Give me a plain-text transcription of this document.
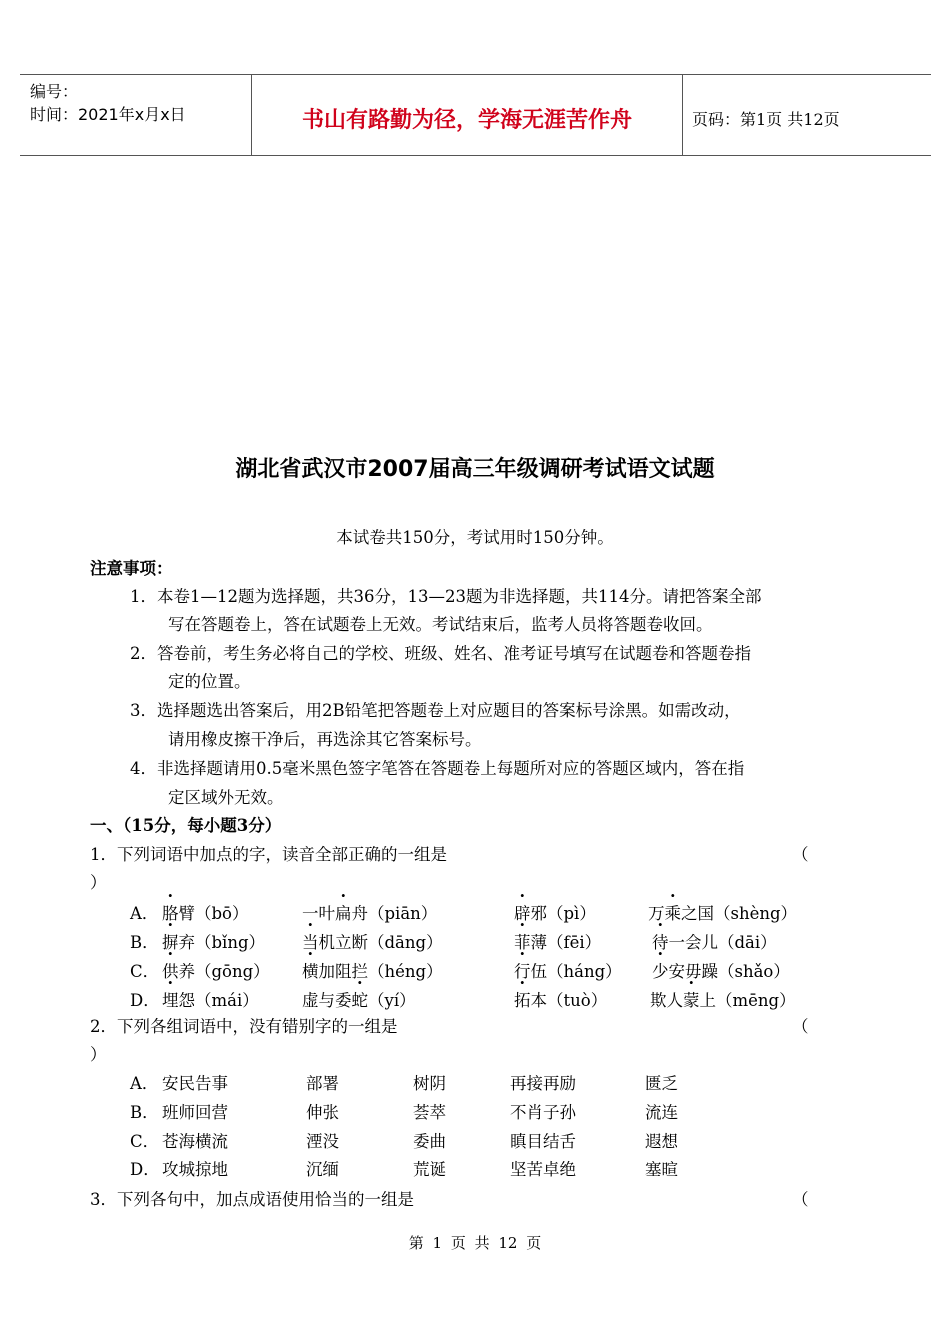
编号：
时间：2021年x月x日	书山有路勤为径，学海无涯苦作舟	页码：第1页 共12页
湖北省武汉市2007届高三年级调研考试语文试题
本试卷共150分，考试用时150分钟。
注意事项：
1．本卷1—12题为选择题，共36分，13—23题为非选择题，共114分。请把答案全部
写在答题卷上，答在试题卷上无效。考试结束后，监考人员将答题卷收回。
2．答卷前，考生务必将自己的学校、班级、姓名、准考证号填写在试题卷和答题卷指
定的位置。
3．选择题选出答案后，用2B铅笔把答题卷上对应题目的答案标号涂黑。如需改动，
请用橡皮擦干净后，再选涂其它答案标号。
4．非选择题请用0.5毫米黑色签字笔答在答题卷上每题所对应的答题区域内，答在指
定区域外无效。
一、（15分，每小题3分）
1．下列词语中加点的字，读音全部正确的一组是	（
）
A． 胳臂（bō）	一叶扁舟（piān）	辟邪（pì）	万乘之国（shèng）
B． 摒弃（bǐng） 当机立断（dāng）	菲薄（fēi）	待一会儿（dāi）
C． 供养（gōng） 横加阻拦（héng）	行伍（háng） 少安毋躁（shǎo）
D． 埋怨（mái）	虚与委蛇（yí）	拓本（tuò）	欺人蒙上（mēng）
2．下列各组词语中，没有错别字的一组是	（
）
A． 安民告事	部署	树阴	再接再励	匮乏
B． 班师回营	伸张	荟萃	不肖子孙	流连
C． 苍海横流	湮没	委曲	瞋目结舌	遐想
D． 攻城掠地	沉缅	荒诞	坚苦卓绝	塞暄
3．下列各句中，加点成语使用恰当的一组是	（
第 1 页 共 12 页
